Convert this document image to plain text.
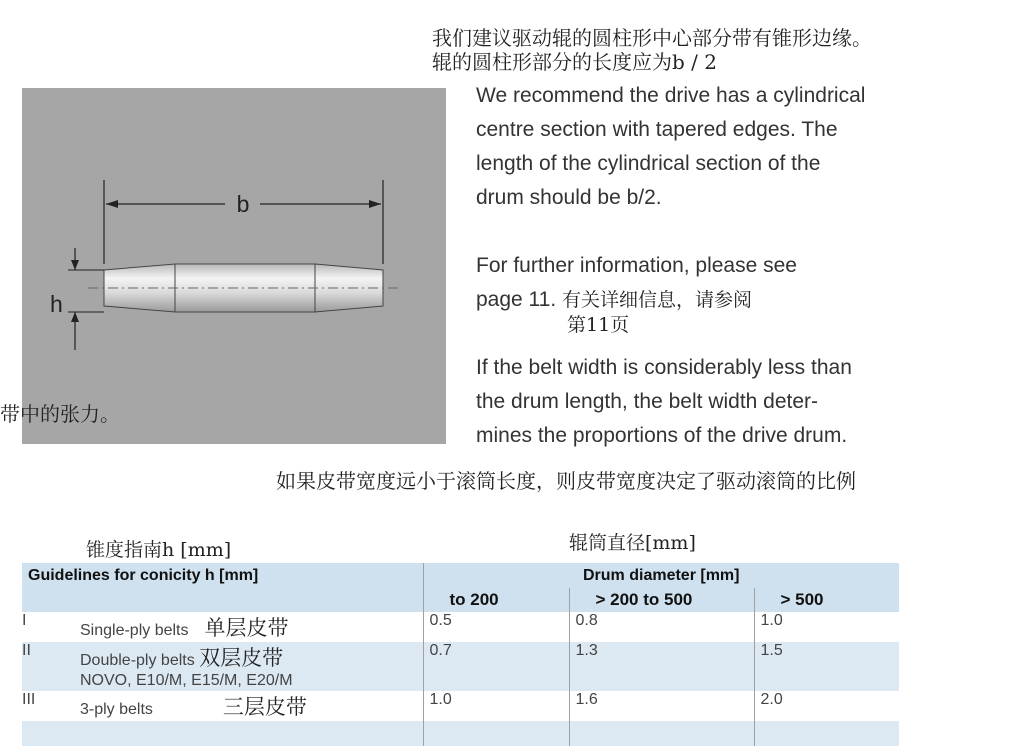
我们建议驱动辊的圆柱形中心部分带有锥形边缘。
辊的圆柱形部分的长度应为b / 2
b
h
带中的张力。
We recommend the drive has a cylindrical
centre section with tapered edges. The
length of the cylindrical section of the
drum should be b/2.
For further information, please see
page 11. 有关详细信息，请参阅
第11页
If the belt width is considerably less than
the drum length, the belt width deter-
mines the proportions of the drive drum.
如果皮带宽度远小于滚筒长度，则皮带宽度决定了驱动滚筒的比例
锥度指南h [mm]	辊筒直径[mm]
Guidelines for conicity h [mm]		Drum diameter [mm]		
		to 200	> 200 to 500	> 500
I	Single-ply belts 单层皮带	0.5	0.8	1.0
II	Double-ply belts 双层皮带
NOVO, E10/M, E15/M, E20/M	0.7	1.3	1.5
III	3-ply belts 三层皮带	1.0	1.6	2.0
